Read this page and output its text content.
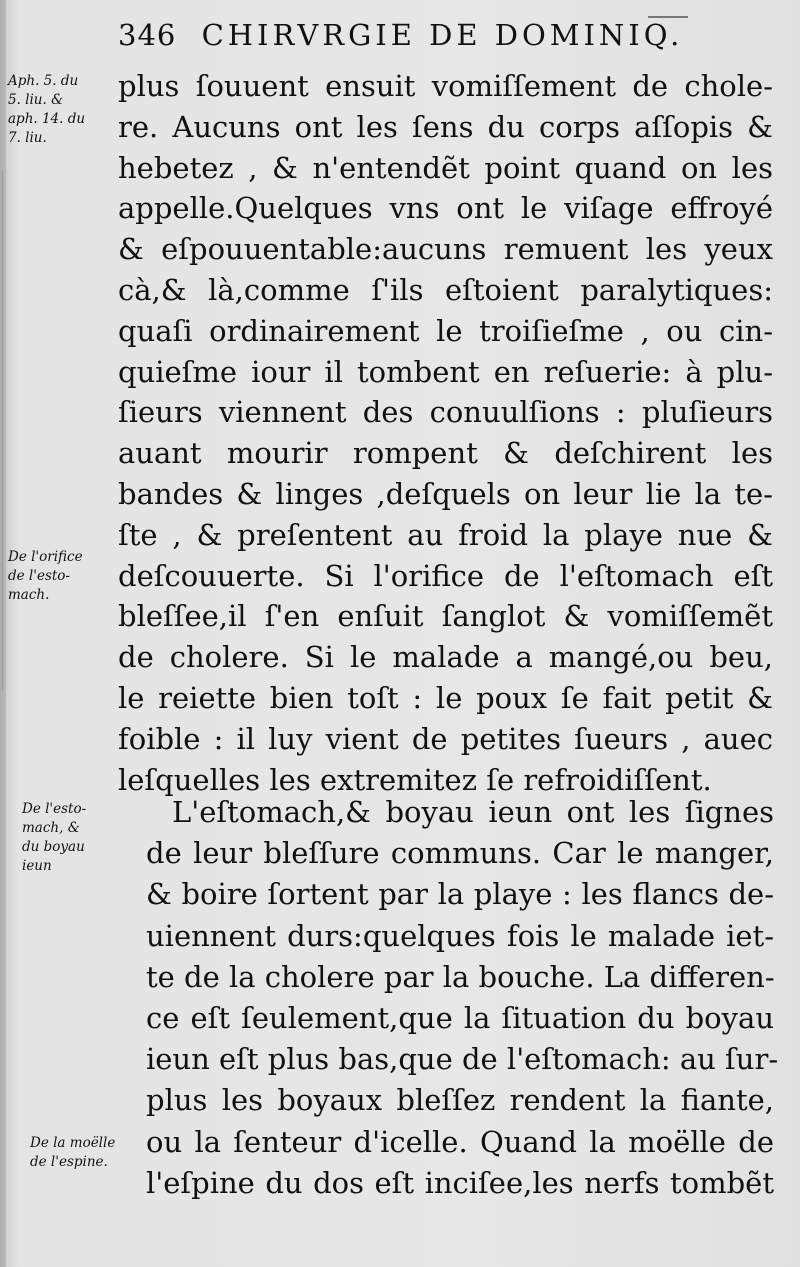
346 CHIRVRGIE DE DOMINIQ.
Aph. 5. du
5. liu. &
aph. 14. du
7. liu.
De l'orifice
de l'esto-
mach.
De l'esto-
mach, &
du boyau
ieun
De la moëlle
de l'espine.
plus ſouuent ensuit vomiſſement de chole-
re. Aucuns ont les ſens du corps aſſopis &
hebetez , & n'entendẽt point quand on les
appelle.Quelques vns ont le viſage effroyé
& eſpouuentable:aucuns remuent les yeux
cà,& là,comme ſ'ils eſtoient paralytiques:
quaſi ordinairement le troiſieſme , ou cin-
quieſme iour il tombent en reſuerie: à plu-
ſieurs viennent des conuulſions : pluſieurs
auant mourir rompent & deſchirent les
bandes & linges ,deſquels on leur lie la te-
ſte , & preſentent au froid la playe nue &
deſcouuerte. Si l'orifice de l'eſtomach eſt
bleſſee,il ſ'en enſuit ſanglot & vomiſſemẽt
de cholere. Si le malade a mangé,ou beu,
le reiette bien toſt : le poux ſe fait petit &
foible : il luy vient de petites ſueurs , auec
leſquelles les extremitez ſe refroidiſſent.
L'eſtomach,& boyau ieun ont les ſignes
de leur bleſſure communs. Car le manger,
& boire ſortent par la playe : les flancs de-
uiennent durs:quelques fois le malade iet-
te de la cholere par la bouche. La differen-
ce eſt ſeulement,que la ſituation du boyau
ieun eſt plus bas,que de l'eſtomach: au ſur-
plus les boyaux bleſſez rendent la fiante,
ou la ſenteur d'icelle. Quand la moëlle de
l'eſpine du dos eſt inciſee,les nerfs tombẽt
